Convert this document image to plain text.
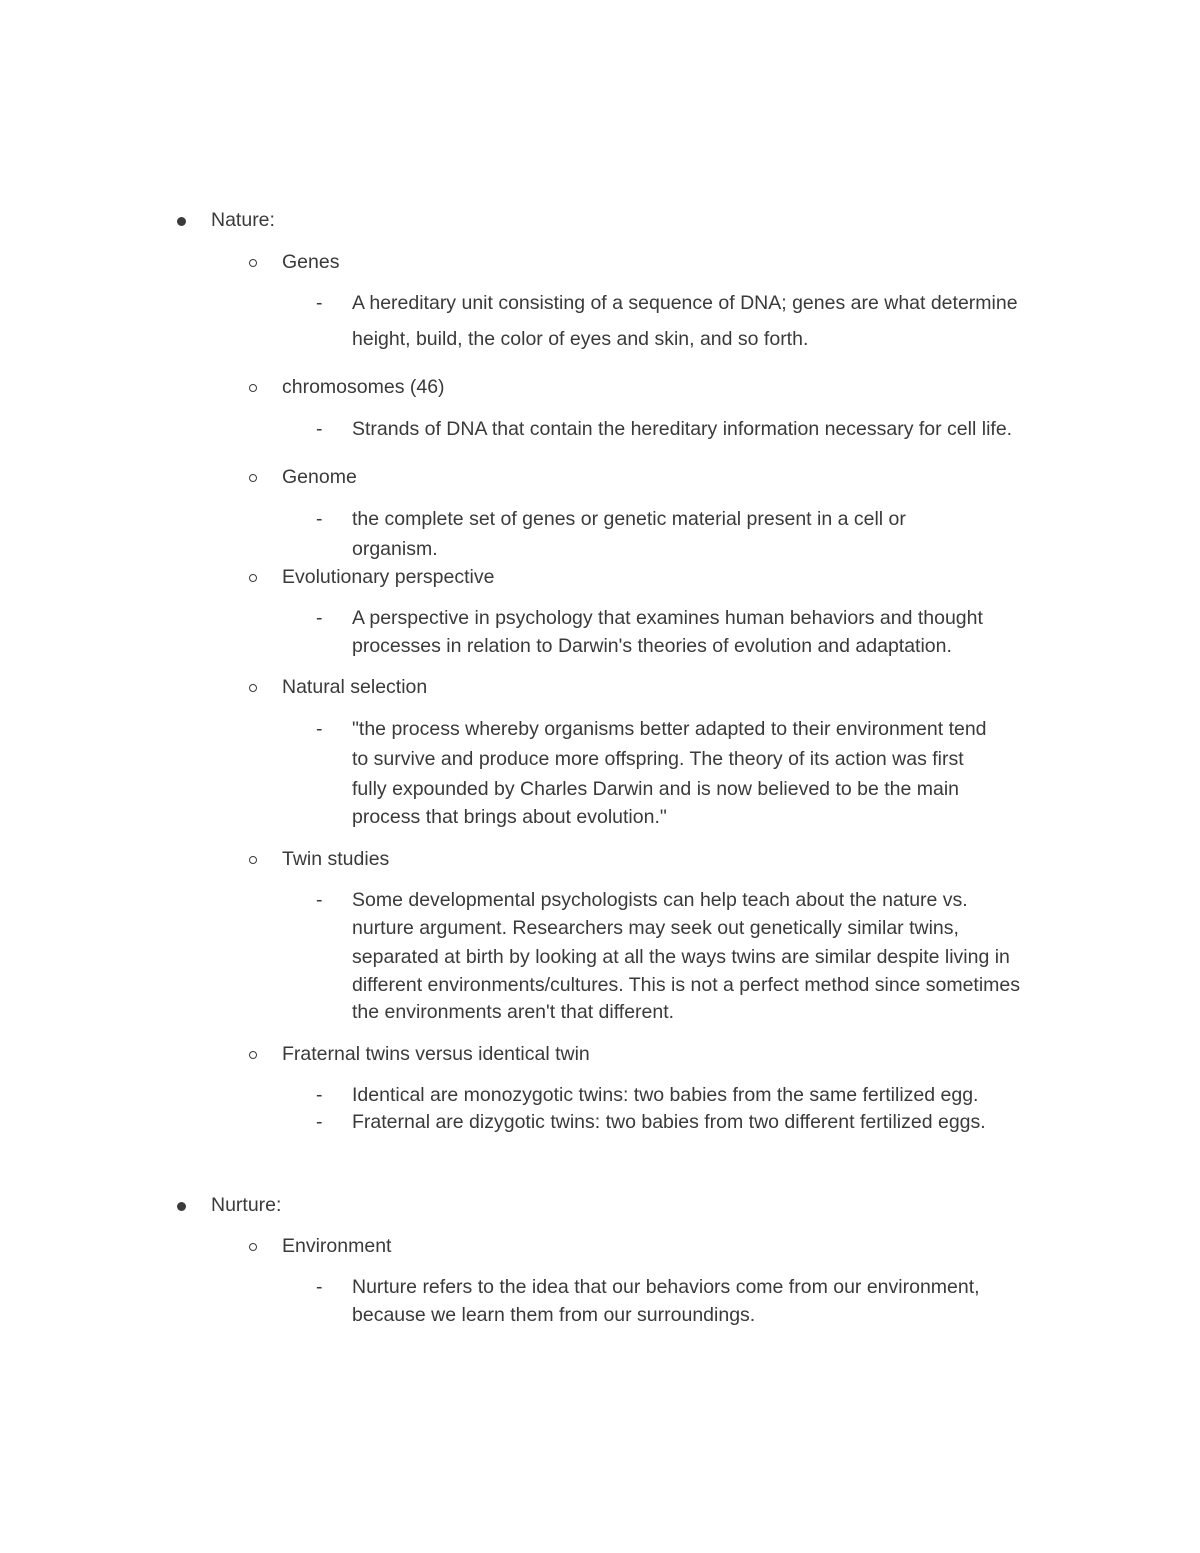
Nature:
Genes
- A hereditary unit consisting of a sequence of DNA; genes are what determine
height, build, the color of eyes and skin, and so forth.
chromosomes (46)
- Strands of DNA that contain the hereditary information necessary for cell life.
Genome
- the complete set of genes or genetic material present in a cell or
organism.
Evolutionary perspective
- A perspective in psychology that examines human behaviors and thought
processes in relation to Darwin's theories of evolution and adaptation.
Natural selection
- "the process whereby organisms better adapted to their environment tend
to survive and produce more offspring. The theory of its action was first
fully expounded by Charles Darwin and is now believed to be the main
process that brings about evolution."
Twin studies
- Some developmental psychologists can help teach about the nature vs.
nurture argument. Researchers may seek out genetically similar twins,
separated at birth by looking at all the ways twins are similar despite living in
different environments/cultures. This is not a perfect method since sometimes
the environments aren't that different.
Fraternal twins versus identical twin
- Identical are monozygotic twins: two babies from the same fertilized egg.
- Fraternal are dizygotic twins: two babies from two different fertilized eggs.
Nurture:
Environment
- Nurture refers to the idea that our behaviors come from our environment,
because we learn them from our surroundings.
